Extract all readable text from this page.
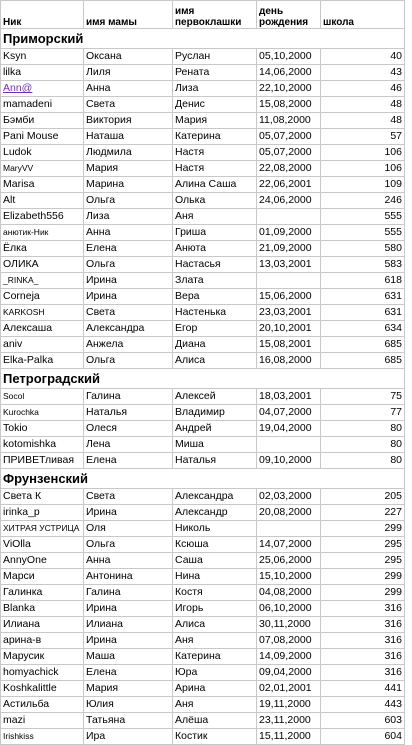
Ник	имя мамы	имя первоклашки	день рождения	школа
Приморский				
Ksyn	Оксана	Руслан	05,10,2000	40
lilka	Лиля	Рената	14,06,2000	43
Ann@	Анна	Лиза	22,10,2000	46
mamadeni	Света	Денис	15,08,2000	48
Бэмби	Виктория	Мария	11,08,2000	48
Pani Mouse	Наташа	Катерина	05,07,2000	57
Ludok	Людмила	Настя	05,07,2000	106
MaryVV	Мария	Настя	22,08,2000	106
Marisa	Марина	Алина Саша	22,06,2001	109
Alt	Ольга	Олька	24,06,2000	246
Elizabeth556	Лиза	Аня		555
анютик-Ник	Анна	Гриша	01,09,2000	555
Ёлка	Елена	Анюта	21,09,2000	580
ОЛИКА	Ольга	Настасья	13,03,2001	583
_RINKA_	Ирина	Злата		618
Corneja	Ирина	Вера	15,06,2000	631
KARKOSH	Света	Настенька	23,03,2001	631
Алексаша	Александра	Егор	20,10,2001	634
aniv	Анжела	Диана	15,08,2001	685
Elka-Palka	Ольга	Алиса	16,08,2000	685
Петроградский				
Socol	Галина	Алексей	18,03,2001	75
Kurochka	Наталья	Владимир	04,07,2000	77
Tokio	Олеся	Андрей	19,04,2000	80
kotomishka	Лена	Миша		80
ПРИВЕТливая	Елена	Наталья	09,10,2000	80
Фрунзенский				
Света К	Света	Александра	02,03,2000	205
irinka_p	Ирина	Александр	20,08,2000	227
ХИТРАЯ УСТРИЦА	Оля	Николь		299
ViOlla	Ольга	Ксюша	14,07,2000	295
AnnyOne	Анна	Саша	25,06,2000	295
Марси	Антонина	Нина	15,10,2000	299
Галинка	Галина	Костя	04,08,2000	299
Blanka	Ирина	Игорь	06,10,2000	316
Илиана	Илиана	Алиса	30,11,2000	316
арина-в	Ирина	Аня	07,08,2000	316
Марусик	Маша	Катерина	14,09,2000	316
homyachick	Елена	Юра	09,04,2000	316
Koshkalittle	Мария	Арина	02,01,2001	441
Астильба	Юлия	Аня	19,11,2000	443
mazi	Татьяна	Алёша	23,11,2000	603
Irishkiss	Ира	Костик	15,11,2000	604
